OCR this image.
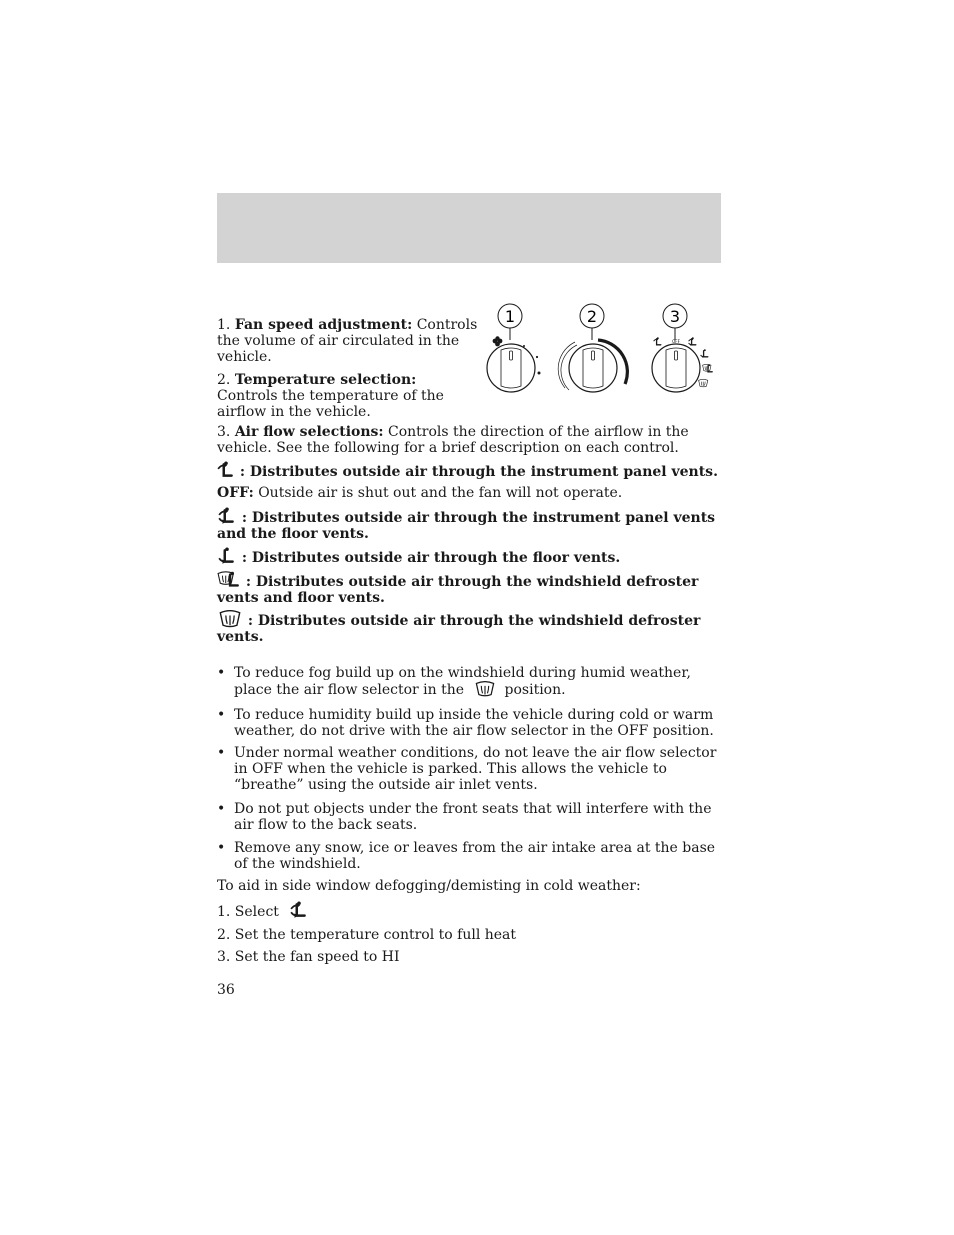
1. Fan speed adjustment: Controls the volume of air circulated in the vehicle.
2. Temperature selection:
Controls the temperature of the airflow in the vehicle.
1	2	3
OFF
3. Air flow selections: Controls the direction of the airflow in the vehicle. See the following for a brief description on each control.
: Distributes outside air through the instrument panel vents.
OFF: Outside air is shut out and the fan will not operate.
: Distributes outside air through the instrument panel vents and the floor vents.
: Distributes outside air through the floor vents.
: Distributes outside air through the windshield defroster vents and floor vents.
: Distributes outside air through the windshield defroster vents.
• To reduce fog build up on the windshield during humid weather, place the air flow selector in the	position.
• To reduce humidity build up inside the vehicle during cold or warm weather, do not drive with the air flow selector in the OFF position.
• Under normal weather conditions, do not leave the air flow selector in OFF when the vehicle is parked. This allows the vehicle to “breathe” using the outside air inlet vents.
• Do not put objects under the front seats that will interfere with the air flow to the back seats.
• Remove any snow, ice or leaves from the air intake area at the base of the windshield.
To aid in side window defogging/demisting in cold weather:
1. Select
2. Set the temperature control to full heat
3. Set the fan speed to HI
36
